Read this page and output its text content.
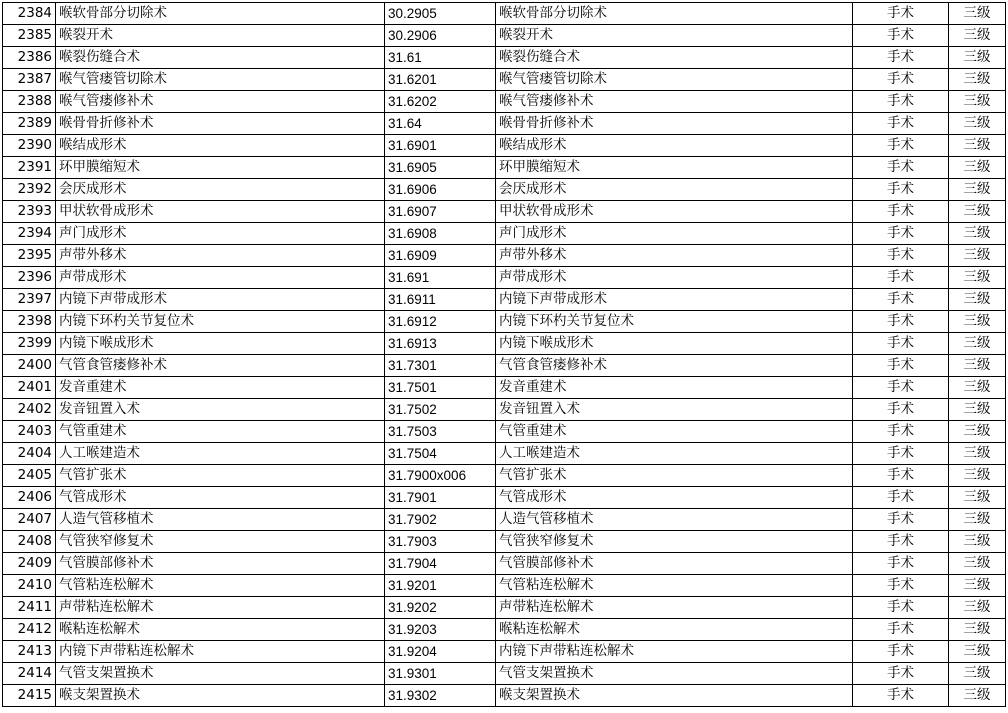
2384	喉软骨部分切除术	30.2905	喉软骨部分切除术	手术	三级
2385	喉裂开术	30.2906	喉裂开术	手术	三级
2386	喉裂伤缝合术	31.61	喉裂伤缝合术	手术	三级
2387	喉气管瘘管切除术	31.6201	喉气管瘘管切除术	手术	三级
2388	喉气管瘘修补术	31.6202	喉气管瘘修补术	手术	三级
2389	喉骨骨折修补术	31.64	喉骨骨折修补术	手术	三级
2390	喉结成形术	31.6901	喉结成形术	手术	三级
2391	环甲膜缩短术	31.6905	环甲膜缩短术	手术	三级
2392	会厌成形术	31.6906	会厌成形术	手术	三级
2393	甲状软骨成形术	31.6907	甲状软骨成形术	手术	三级
2394	声门成形术	31.6908	声门成形术	手术	三级
2395	声带外移术	31.6909	声带外移术	手术	三级
2396	声带成形术	31.691	声带成形术	手术	三级
2397	内镜下声带成形术	31.6911	内镜下声带成形术	手术	三级
2398	内镜下环杓关节复位术	31.6912	内镜下环杓关节复位术	手术	三级
2399	内镜下喉成形术	31.6913	内镜下喉成形术	手术	三级
2400	气管食管瘘修补术	31.7301	气管食管瘘修补术	手术	三级
2401	发音重建术	31.7501	发音重建术	手术	三级
2402	发音钮置入术	31.7502	发音钮置入术	手术	三级
2403	气管重建术	31.7503	气管重建术	手术	三级
2404	人工喉建造术	31.7504	人工喉建造术	手术	三级
2405	气管扩张术	31.7900x006	气管扩张术	手术	三级
2406	气管成形术	31.7901	气管成形术	手术	三级
2407	人造气管移植术	31.7902	人造气管移植术	手术	三级
2408	气管狭窄修复术	31.7903	气管狭窄修复术	手术	三级
2409	气管膜部修补术	31.7904	气管膜部修补术	手术	三级
2410	气管粘连松解术	31.9201	气管粘连松解术	手术	三级
2411	声带粘连松解术	31.9202	声带粘连松解术	手术	三级
2412	喉粘连松解术	31.9203	喉粘连松解术	手术	三级
2413	内镜下声带粘连松解术	31.9204	内镜下声带粘连松解术	手术	三级
2414	气管支架置换术	31.9301	气管支架置换术	手术	三级
2415	喉支架置换术	31.9302	喉支架置换术	手术	三级
